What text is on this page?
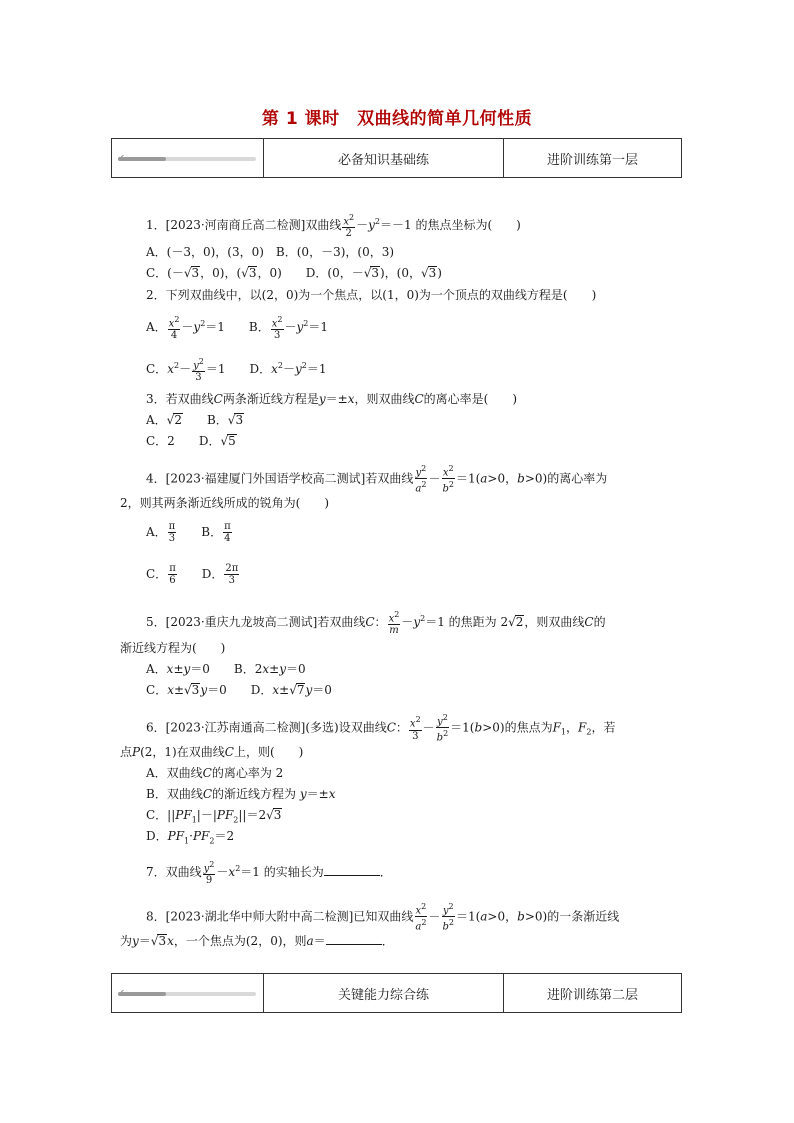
第 1 课时　双曲线的简单几何性质
✔	必备知识基础练	进阶训练第一层
1．[2023·河南商丘高二检测]双曲线 $\frac{x^2}{2} -y^2=-1$ 的焦点坐标为(　　)
A．(－3，0)，(3，0)　B．(0，－3)，(0，3)
C．(－√3，0)，(√3，0)　　D．(0，－√3)，(0，√3)
2．下列双曲线中，以(2，0)为一个焦点，以(1，0)为一个顶点的双曲线方程是(　　)
A． $\frac{x^2}{4} -y^2=1$　　B． $\frac{x^2}{3} -y^2=1$
C．$x^2- \frac{y^2}{3} =1$　　D．$x^2-y^2=1$
3．若双曲线C两条渐近线方程是y＝±x，则双曲线C的离心率是(　　)
A．√2　　B．√3
C．2　　D．√5
4．[2023·福建厦门外国语学校高二测试]若双曲线 $\frac{y^2}{a^2} - \frac{x^2}{b^2} =1(a>0$，b>0)的离心率为
2，则其两条渐近线所成的锐角为(　　)
A． $\frac{\pi}{3}$ 　　B． $\frac{\pi}{4}$
C． $\frac{\pi}{6}$ 　　D． $\frac{2\pi}{3}$
5．[2023·重庆九龙坡高二测试]若双曲线C： $\frac{x^2}{m} -y^2=1$ 的焦距为 2√2，则双曲线C的
渐近线方程为(　　)
A．x±y＝0　　B．2x±y＝0
C．x±√3y＝0　　D．x±√7y＝0
6．[2023·江苏南通高二检测](多选)设双曲线C： $\frac{x^2}{3} - \frac{y^2}{b^2} =1(b>0)$的焦点为$F_1$，$F_2$，若
点P(2，1)在双曲线C上，则(　　)
A．双曲线C的离心率为 2
B．双曲线C的渐近线方程为 y＝±x
C．$||PF_1|-|PF_2||=2√3$
D．$PF_1\cdot PF_2=2$
7．双曲线 $\frac{y^2}{9} -x^2=1$ 的实轴长为	．
8．[2023·湖北华中师大附中高二检测]已知双曲线 $\frac{x^2}{a^2} - \frac{y^2}{b^2} =1(a>0$，b>0)的一条渐近线
为y＝√3x，一个焦点为(2，0)，则a＝	．
✔	关键能力综合练	进阶训练第二层
